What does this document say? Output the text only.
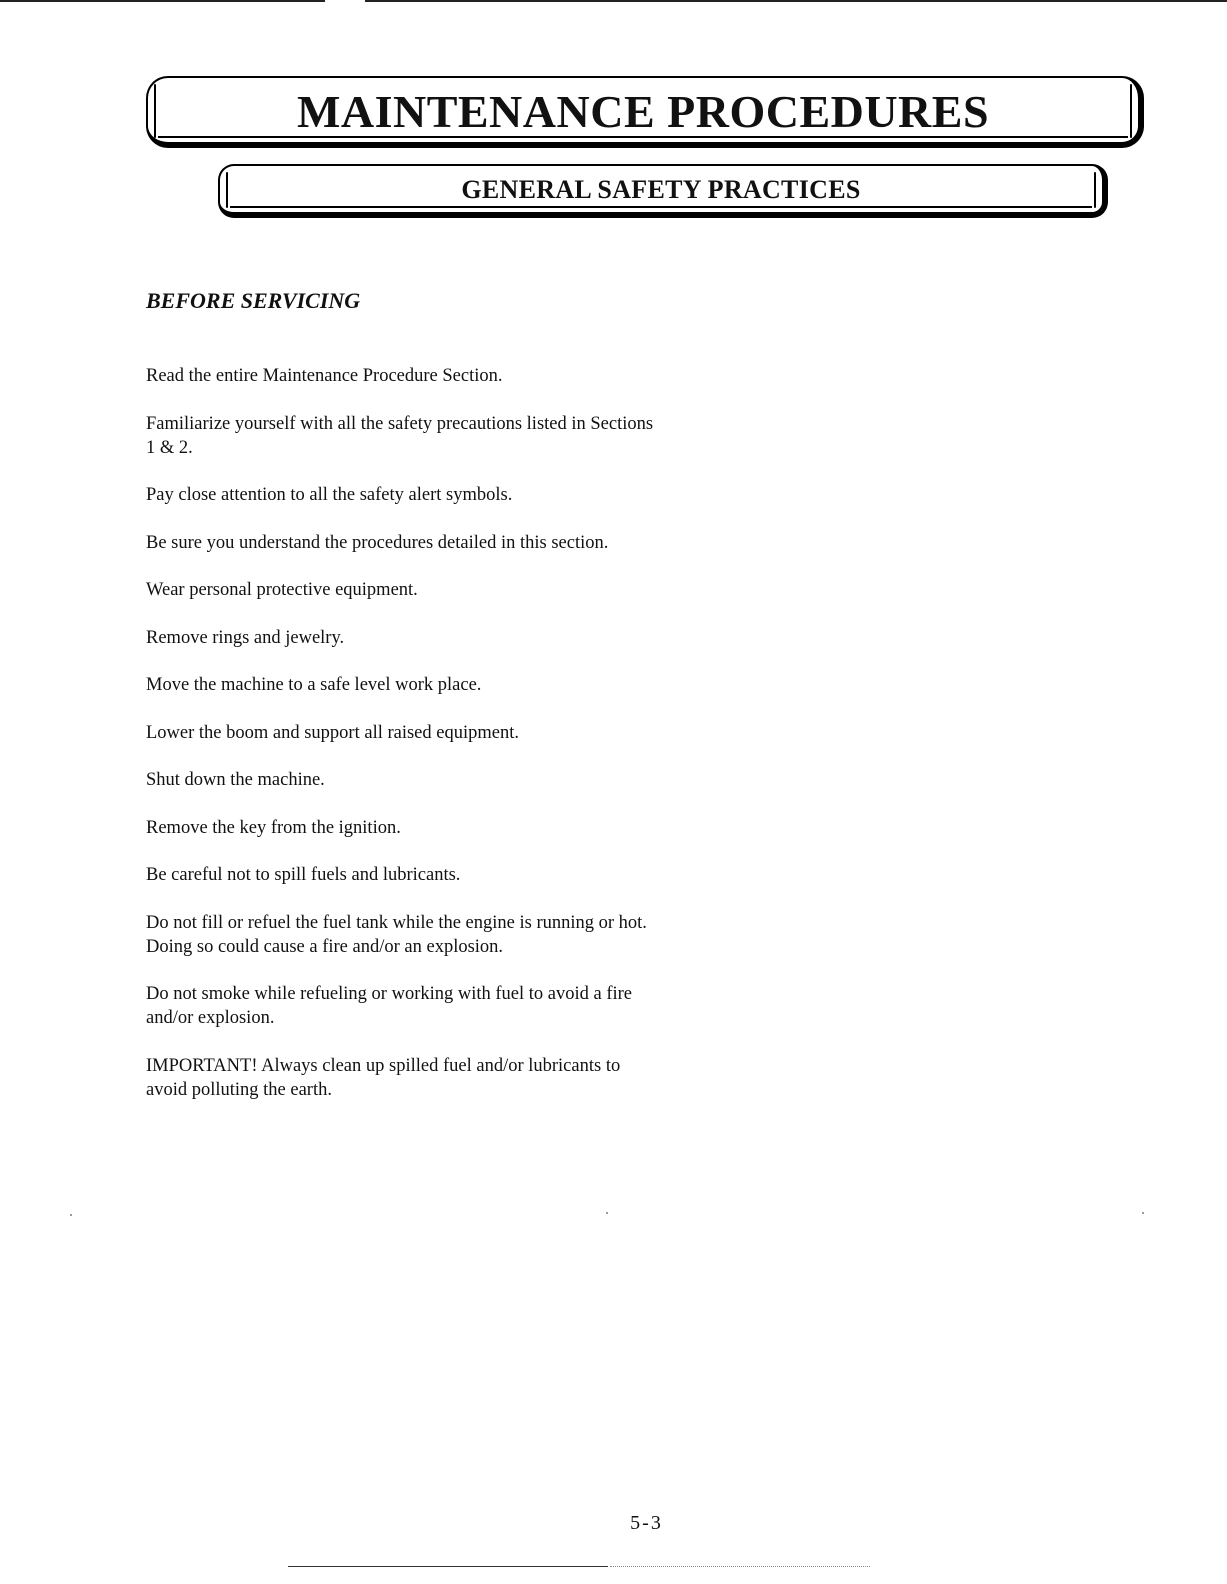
MAINTENANCE PROCEDURES
GENERAL SAFETY PRACTICES
BEFORE SERVICING
Read the entire Maintenance Procedure Section.
Familiarize yourself with all the safety precautions listed in Sections 1 & 2.
Pay close attention to all the safety alert symbols.
Be sure you understand the procedures detailed in this section.
Wear personal protective equipment.
Remove rings and jewelry.
Move the machine to a safe level work place.
Lower the boom and support all raised equipment.
Shut down the machine.
Remove the key from the ignition.
Be careful not to spill fuels and lubricants.
Do not fill or refuel the fuel tank while the engine is running or hot. Doing so could cause a fire and/or an explosion.
Do not smoke while refueling or working with fuel to avoid a fire and/or explosion.
IMPORTANT! Always clean up spilled fuel and/or lubricants to avoid polluting the earth.
5-3
